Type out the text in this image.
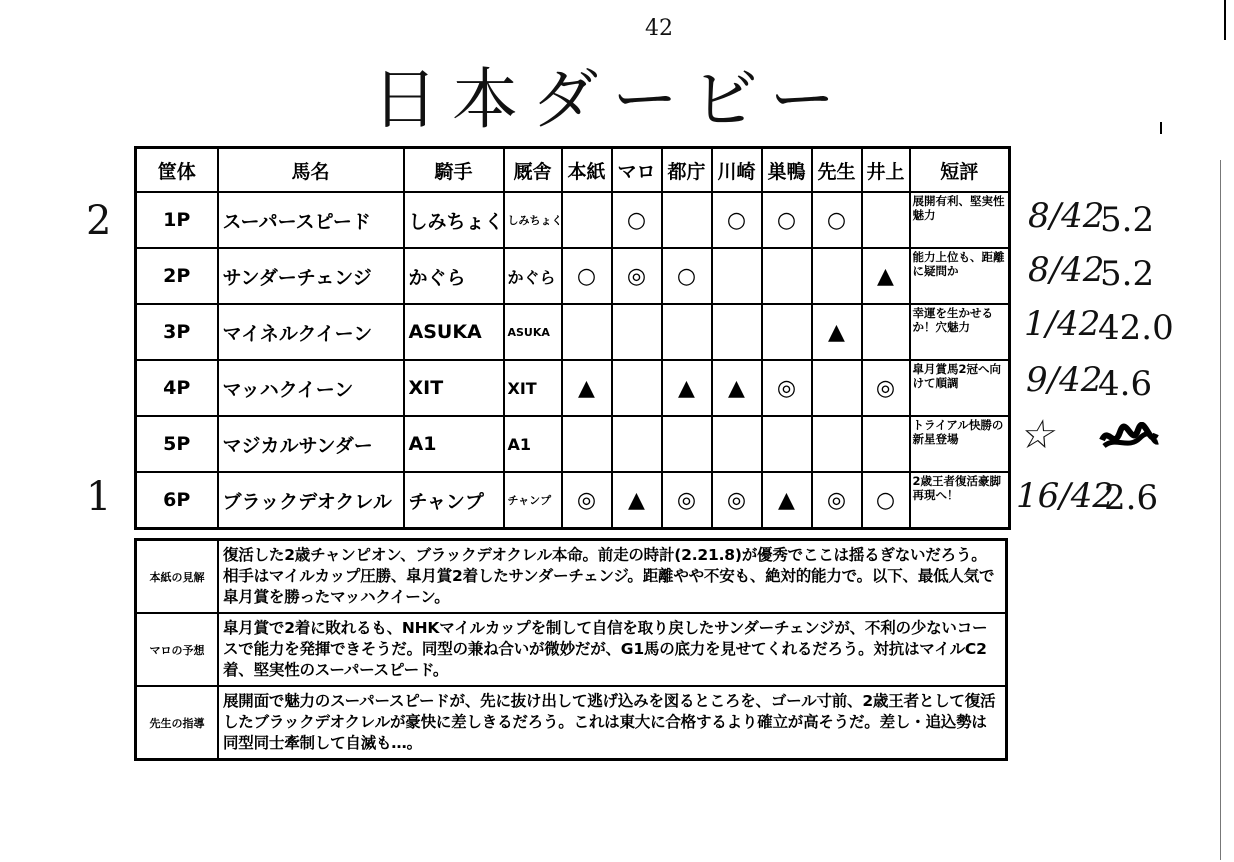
42
日本ダービー
2
1
8/42
5.2
8/42
5.2
1/42
42.0
9/42
4.6
☆
16/42
2.6
筐体	馬名	騎手	厩舎	本紙	マロ	都庁	川崎	巣鴨	先生	井上	短評
1P	スーパースピード	しみちょく	しみちょく		○		○	○	○		展開有利、堅実性魅力
2P	サンダーチェンジ	かぐら	かぐら	○	◎	○				▲	能力上位も、距離に疑問か
3P	マイネルクイーン	ASUKA	ASUKA						▲		幸運を生かせるか！穴魅力
4P	マッハクイーン	XIT	XIT	▲		▲	▲	◎		◎	皐月賞馬2冠へ向けて順調
5P	マジカルサンダー	A1	A1								トライアル快勝の新星登場
6P	ブラックデオクレル	チャンプ	チャンプ	◎	▲	◎	◎	▲	◎	○	2歳王者復活豪脚再現へ！
本紙の見解	復活した2歳チャンピオン、ブラックデオクレル本命。前走の時計(2.21.8)が優秀でここは揺るぎないだろう。相手はマイルカップ圧勝、皐月賞2着したサンダーチェンジ。距離やや不安も、絶対的能力で。以下、最低人気で皐月賞を勝ったマッハクイーン。
マロの予想	皐月賞で2着に敗れるも、NHKマイルカップを制して自信を取り戻したサンダーチェンジが、不利の少ないコースで能力を発揮できそうだ。同型の兼ね合いが微妙だが、G1馬の底力を見せてくれるだろう。対抗はマイルC2着、堅実性のスーパースピード。
先生の指導	展開面で魅力のスーパースピードが、先に抜け出して逃げ込みを図るところを、ゴール寸前、2歳王者として復活したブラックデオクレルが豪快に差しきるだろう。これは東大に合格するより確立が高そうだ。差し・追込勢は同型同士牽制して自滅も…。
